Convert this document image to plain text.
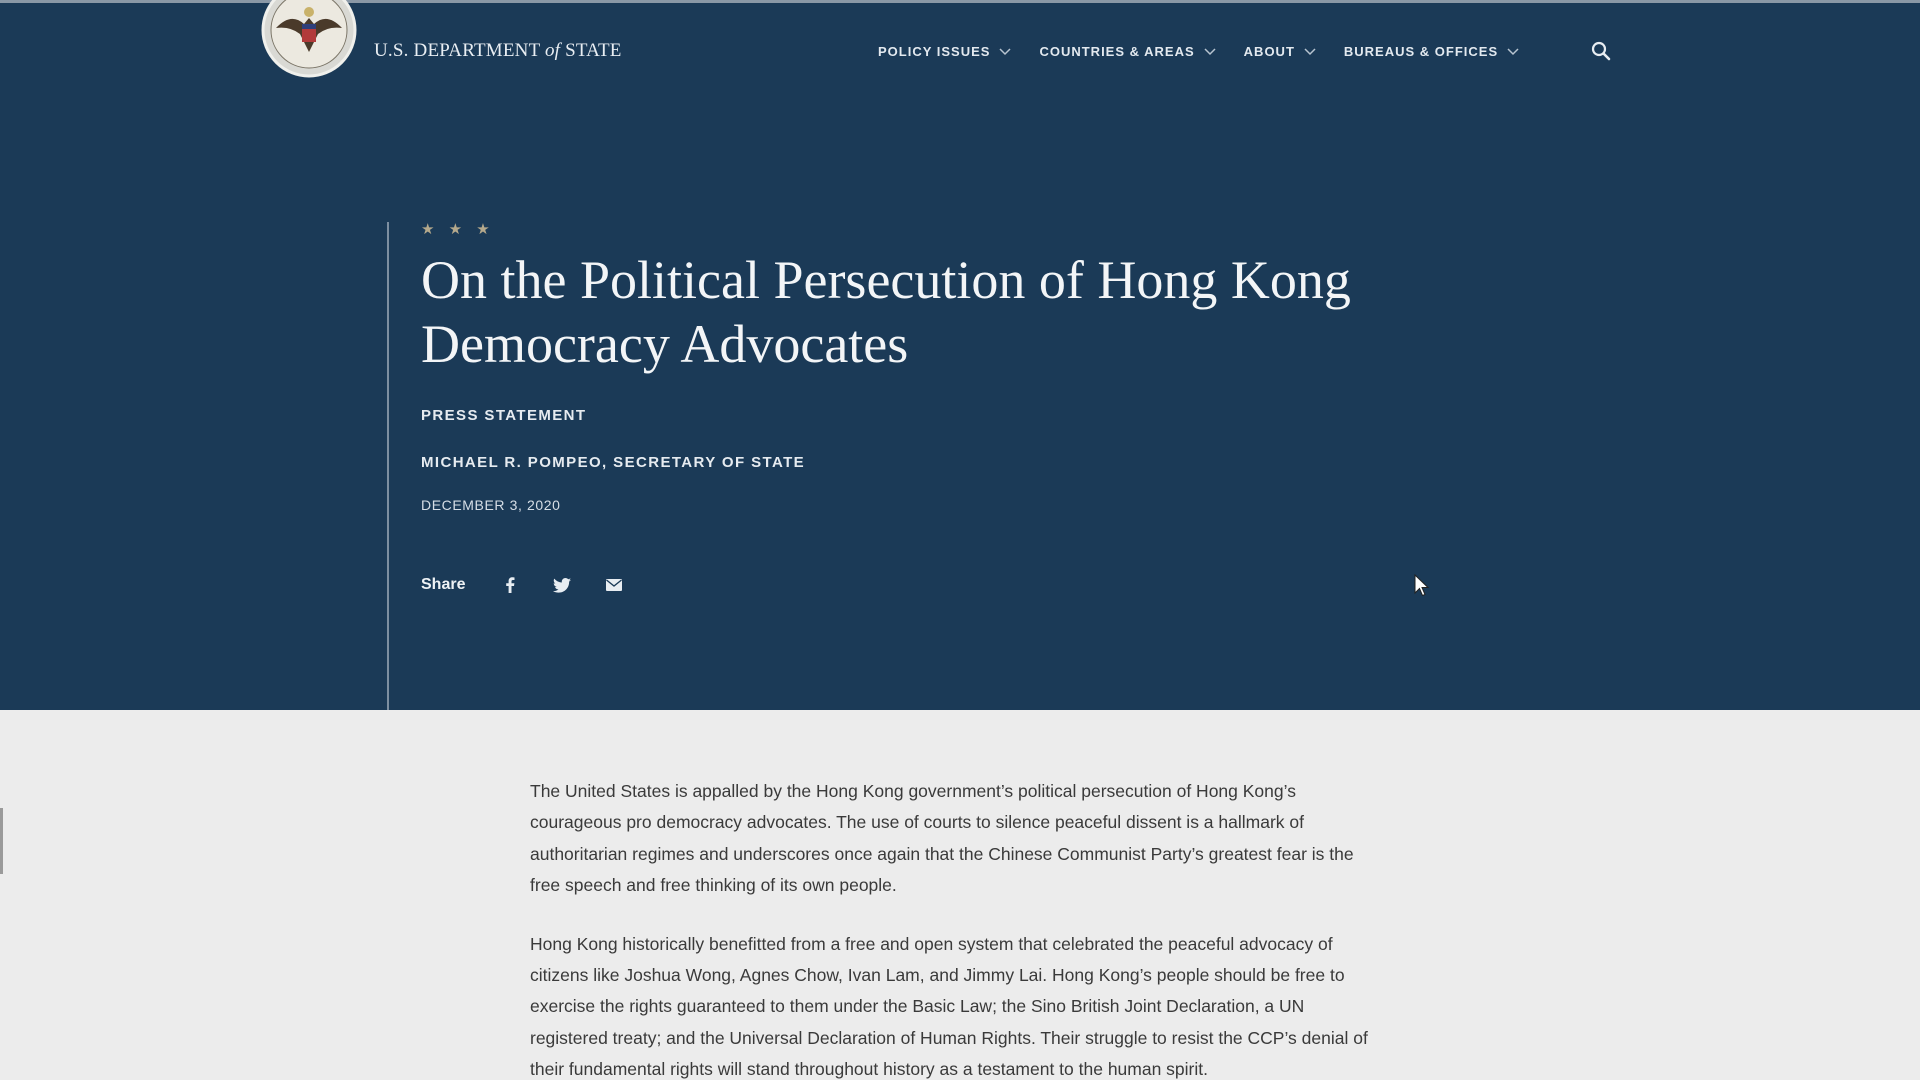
U.S. DEPARTMENT of STATE	POLICY ISSUES	COUNTRIES & AREAS	ABOUT	BUREAUS & OFFICES
★ ★ ★
On the Political Persecution of Hong Kong Democracy Advocates
PRESS STATEMENT
MICHAEL R. POMPEO, SECRETARY OF STATE
DECEMBER 3, 2020
Share

The United States is appalled by the Hong Kong government’s political persecution of Hong Kong’s courageous pro democracy advocates. The use of courts to silence peaceful dissent is a hallmark of authoritarian regimes and underscores once again that the Chinese Communist Party’s greatest fear is the free speech and free thinking of its own people.

Hong Kong historically benefitted from a free and open system that celebrated the peaceful advocacy of citizens like Joshua Wong, Agnes Chow, Ivan Lam, and Jimmy Lai. Hong Kong’s people should be free to exercise the rights guaranteed to them under the Basic Law; the Sino British Joint Declaration, a UN registered treaty; and the Universal Declaration of Human Rights. Their struggle to resist the CCP’s denial of their fundamental rights will stand throughout history as a testament to the human spirit.
